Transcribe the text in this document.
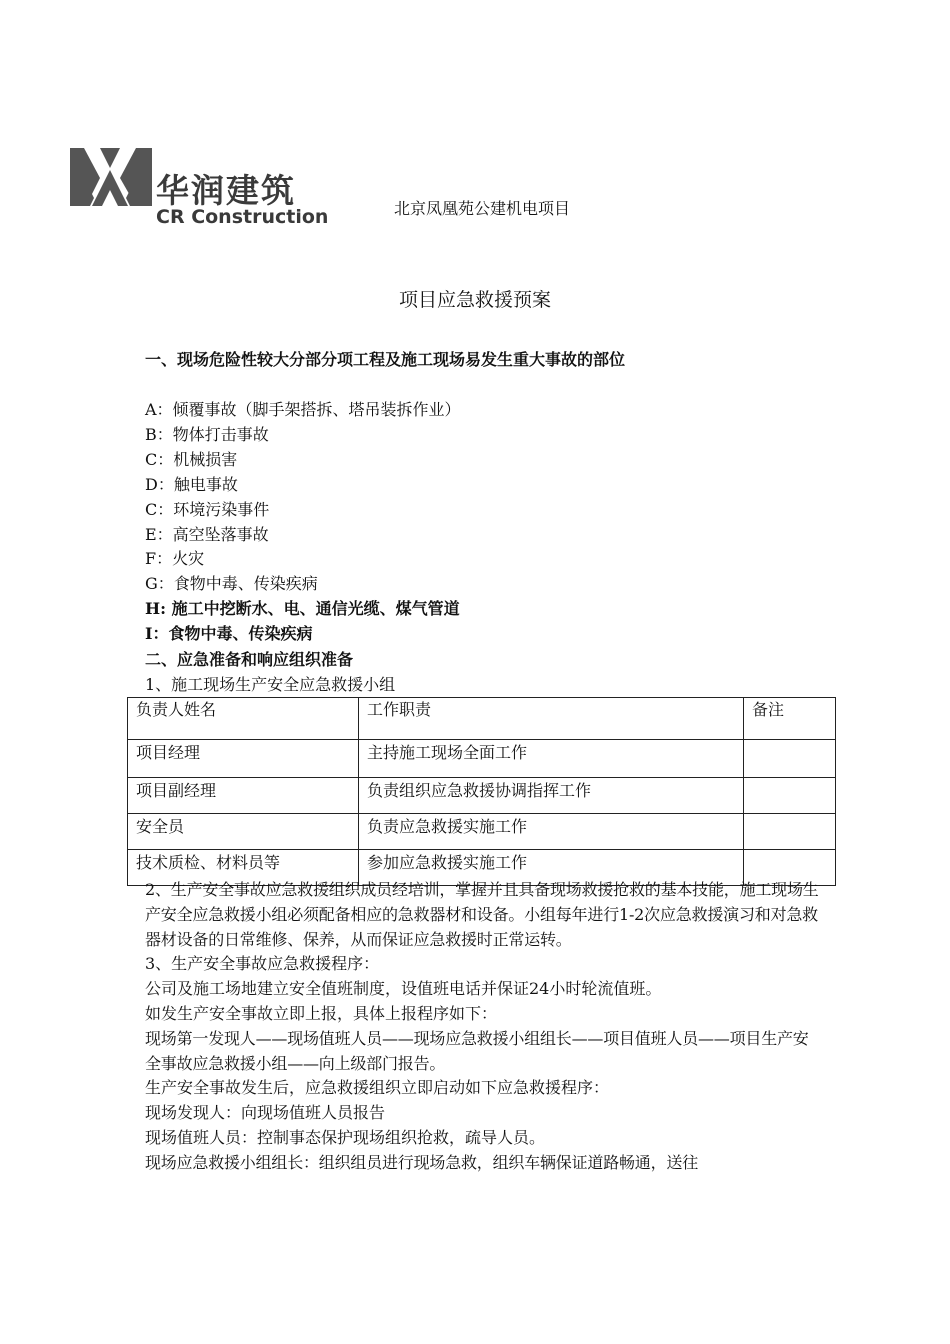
华润建筑
CR Construction	北京凤凰苑公建机电项目
项目应急救援预案
一、现场危险性较大分部分项工程及施工现场易发生重大事故的部位
A：倾覆事故（脚手架搭拆、塔吊装拆作业）
B：物体打击事故
C：机械损害
D：触电事故
C：环境污染事件
E：高空坠落事故
F：火灾
G：食物中毒、传染疾病
H: 施工中挖断水、电、通信光缆、煤气管道
I：食物中毒、传染疾病
二、应急准备和响应组织准备
1、施工现场生产安全应急救援小组
负责人姓名	工作职责	备注
项目经理	主持施工现场全面工作	
项目副经理	负责组织应急救援协调指挥工作	
安全员	负责应急救援实施工作	
技术质检、材料员等	参加应急救援实施工作	

2、生产安全事故应急救援组织成员经培训，掌握并且具备现场救援抢救的基本技能，施工现场生产安全应急救援小组必须配备相应的急救器材和设备。小组每年进行1-2次应急救援演习和对急救器材设备的日常维修、保养，从而保证应急救援时正常运转。

3、生产安全事故应急救援程序：

公司及施工场地建立安全值班制度，设值班电话并保证24小时轮流值班。

如发生产安全事故立即上报，具体上报程序如下：

现场第一发现人——现场值班人员——现场应急救援小组组长——项目值班人员——项目生产安全事故应急救援小组——向上级部门报告。

生产安全事故发生后，应急救援组织立即启动如下应急救援程序：

现场发现人：向现场值班人员报告

现场值班人员：控制事态保护现场组织抢救，疏导人员。

现场应急救援小组组长：组织组员进行现场急救，组织车辆保证道路畅通，送往
